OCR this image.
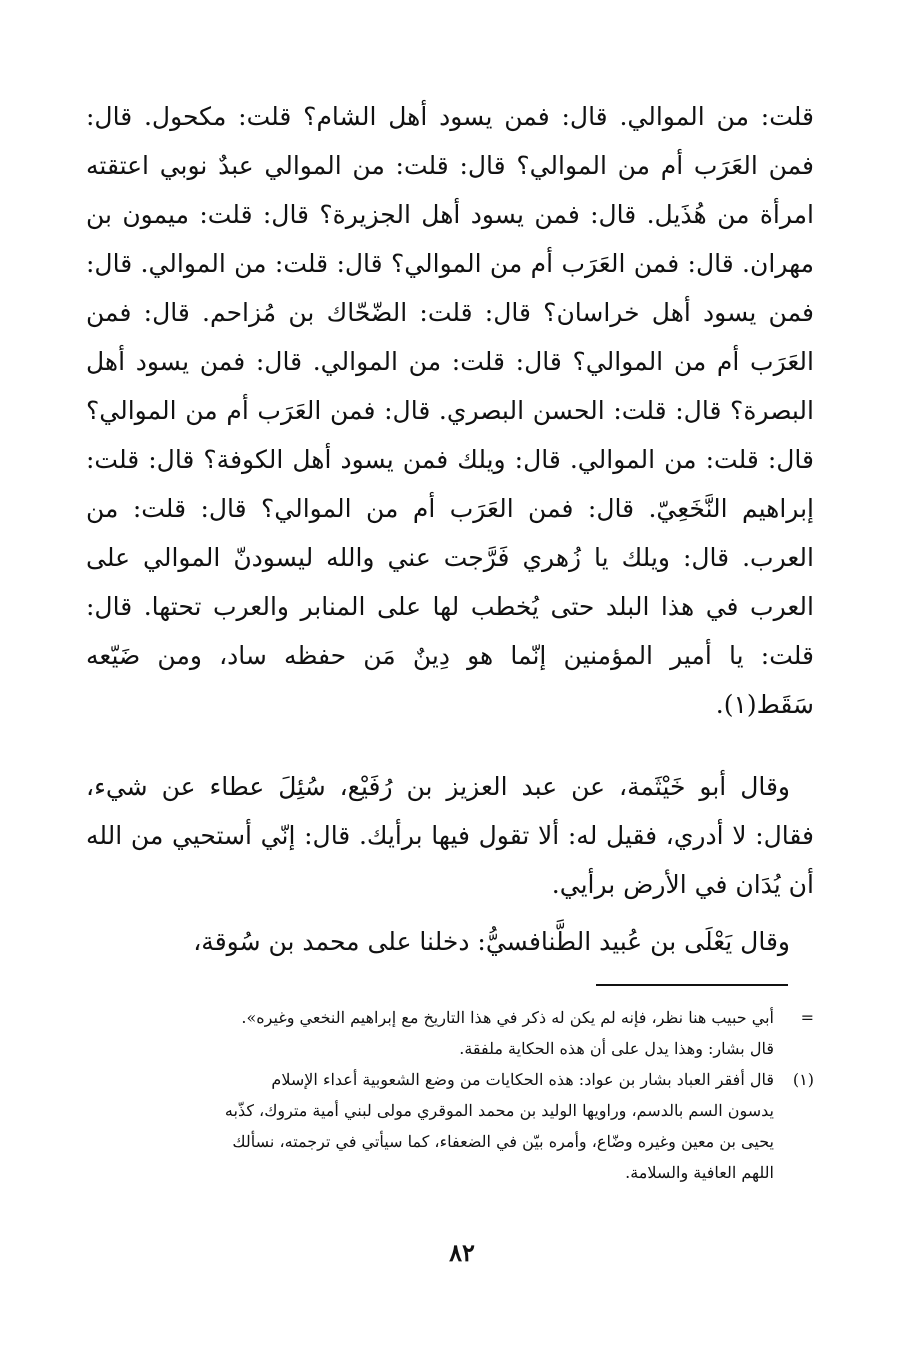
قلت: من الموالي. قال: فمن يسود أهل الشام؟ قلت: مكحول. قال: فمن العَرَب أم من الموالي؟ قال: قلت: من الموالي عبدٌ نوبي اعتقته امرأة من هُذَيل. قال: فمن يسود أهل الجزيرة؟ قال: قلت: ميمون بن مهران. قال: فمن العَرَب أم من الموالي؟ قال: قلت: من الموالي. قال: فمن يسود أهل خراسان؟ قال: قلت: الضّحّاك بن مُزاحم. قال: فمن العَرَب أم من الموالي؟ قال: قلت: من الموالي. قال: فمن يسود أهل البصرة؟ قال: قلت: الحسن البصري. قال: فمن العَرَب أم من الموالي؟ قال: قلت: من الموالي. قال: ويلك فمن يسود أهل الكوفة؟ قال: قلت: إبراهيم النَّخَعِيّ. قال: فمن العَرَب أم من الموالي؟ قال: قلت: من العرب. قال: ويلك يا زُهري فَرَّجت عني والله ليسودنّ الموالي على العرب في هذا البلد حتى يُخطب لها على المنابر والعرب تحتها. قال: قلت: يا أمير المؤمنين إنّما هو دِينٌ مَن حفظه ساد، ومن ضَيّعه سَقَط(١).

وقال أبو خَيْثَمة، عن عبد العزيز بن رُفَيْع، سُئِلَ عطاء عن شيء، فقال: لا أدري، فقيل له: ألا تقول فيها برأيك. قال: إنّي أستحيي من الله أن يُدَان في الأرض برأيي.

وقال يَعْلَى بن عُبيد الطَّنافسيُّ: دخلنا على محمد بن سُوقة،

=
أبي حبيب هنا نظر، فإنه لم يكن له ذكر في هذا التاريخ مع إبراهيم النخعي وغيره».
قال بشار: وهذا يدل على أن هذه الحكاية ملفقة.
(١)
قال أفقر العباد بشار بن عواد: هذه الحكايات من وضع الشعوبية أعداء الإسلام
يدسون السم بالدسم، وراويها الوليد بن محمد الموقري مولى لبني أمية متروك، كذّبه
يحيى بن معين وغيره وضّاع، وأمره بيّن في الضعفاء، كما سيأتي في ترجمته، نسألك
اللهم العافية والسلامة.
٨٢
